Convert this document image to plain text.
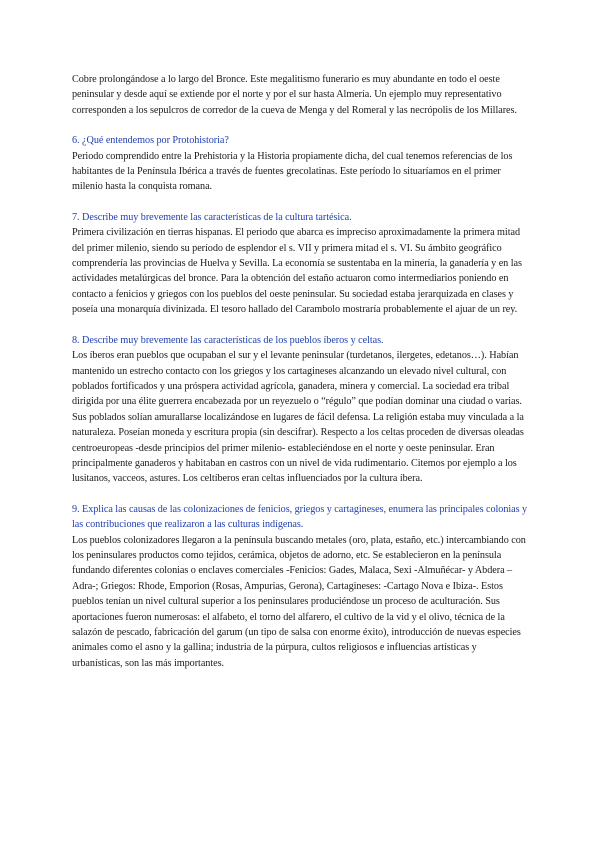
Cobre prolongándose a lo largo del Bronce. Este megalitismo funerario es muy abundante en todo el oeste peninsular y desde aquí se extiende por el norte y por el sur hasta Almería. Un ejemplo muy representativo corresponden a los sepulcros de corredor de la cueva de Menga y del Romeral y las necrópolis de los Millares.

6. ¿Qué entendemos por Protohistoria?

Periodo comprendido entre la Prehistoria y la Historia propiamente dicha, del cual tenemos referencias de los habitantes de la Península Ibérica a través de fuentes grecolatinas. Este período lo situaríamos en el primer milenio hasta la conquista romana.

7. Describe muy brevemente las características de la cultura tartésica.

Primera civilización en tierras hispanas. El periodo que abarca es impreciso aproximadamente la primera mitad del primer milenio, siendo su período de esplendor el s. VII y primera mitad el s. VI. Su ámbito geográfico comprendería las provincias de Huelva y Sevilla. La economía se sustentaba en la minería, la ganadería y en las actividades metalúrgicas del bronce. Para la obtención del estaño actuaron como intermediarios poniendo en contacto a fenicios y griegos con los pueblos del oeste peninsular. Su sociedad estaba jerarquizada en clases y poseía una monarquía divinizada. El tesoro hallado del Carambolo mostraría probablemente el ajuar de un rey.

8. Describe muy brevemente las características de los pueblos íberos y celtas.

Los íberos eran pueblos que ocupaban el sur y el levante peninsular (turdetanos, ilergetes, edetanos…). Habían mantenido un estrecho contacto con los griegos y los cartagineses alcanzando un elevado nivel cultural, con poblados fortificados y una próspera actividad agrícola, ganadera, minera y comercial. La sociedad era tribal dirigida por una élite guerrera encabezada por un reyezuelo o “régulo” que podían dominar una ciudad o varias. Sus poblados solían amurallarse localizándose en lugares de fácil defensa. La religión estaba muy vinculada a la naturaleza. Poseían moneda y escritura propia (sin descifrar). Respecto a los celtas proceden de diversas oleadas centroeuropeas -desde principios del primer milenio- estableciéndose en el norte y oeste peninsular. Eran principalmente ganaderos y habitaban en castros con un nivel de vida rudimentario. Citemos por ejemplo a los lusitanos, vacceos, astures. Los celtíberos eran celtas influenciados por la cultura íbera.

9. Explica las causas de las colonizaciones de fenicios, griegos y cartagineses, enumera las principales colonias y las contribuciones que realizaron a las culturas indígenas.

Los pueblos colonizadores llegaron a la península buscando metales (oro, plata, estaño, etc.) intercambiando con los peninsulares productos como tejidos, cerámica, objetos de adorno, etc. Se establecieron en la península fundando diferentes colonias o enclaves comerciales -Fenicios: Gades, Malaca, Sexi -Almuñécar- y Abdera –Adra-; Griegos: Rhode, Emporion (Rosas, Ampurias, Gerona), Cartagineses: -Cartago Nova e Ibiza-. Estos pueblos tenían un nivel cultural superior a los peninsulares produciéndose un proceso de aculturación. Sus aportaciones fueron numerosas: el alfabeto, el torno del alfarero, el cultivo de la vid y el olivo, técnica de la salazón de pescado, fabricación del garum (un tipo de salsa con enorme éxito), introducción de nuevas especies animales como el asno y la gallina; industria de la púrpura, cultos religiosos e influencias artísticas y urbanísticas, son las más importantes.
